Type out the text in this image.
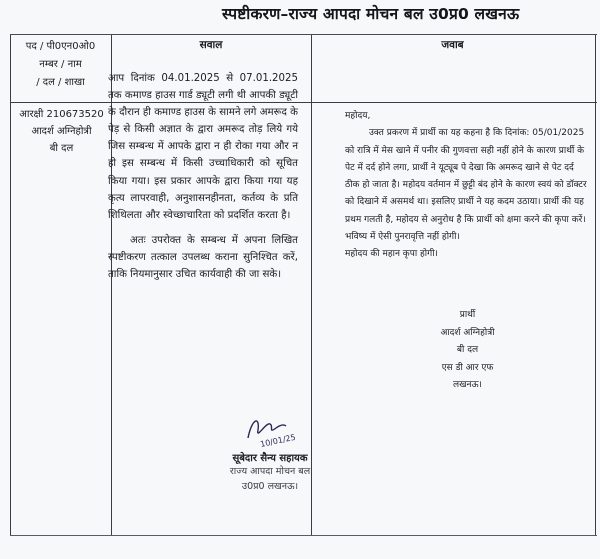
स्पष्टीकरण–राज्य आपदा मोचन बल उ0प्र0 लखनऊ
पद / पी0एन0ओ0
नम्बर / नाम
/ दल / शाखा
सवाल	जवाब
आरक्षी 210673520
आदर्श अग्निहोत्री
बी दल

आप दिनांक 04.01.2025 से 07.01.2025 तक कमाण्ड हाउस गार्ड ड्यूटी लगी थी आपकी ड्यूटी के दौरान ही कमाण्ड हाउस के सामने लगे अमरूद के पेड़ से किसी अज्ञात के द्वारा अमरूद तोड़ लिये गये जिस सम्बन्ध में आपके द्वारा न ही रोका गया और न ही इस सम्बन्ध में किसी उच्चाधिकारी को सूचित किया गया। इस प्रकार आपके द्वारा किया गया यह कृत्य लापरवाही, अनुशासनहीनता, कर्तव्य के प्रति शिथिलता और स्वेच्छाचारिता को प्रदर्शित करता है।

अतः उपरोक्त के सम्बन्ध में अपना लिखित स्पष्टीकरण तत्काल उपलब्ध कराना सुनिश्चित करें, ताकि नियमानुसार उचित कार्यवाही की जा सके।

10/01/25
सूबेदार सैन्य सहायक
राज्य आपदा मोचन बल
उ0प्र0 लखनऊ।

महोदय,

उक्त प्रकरण में प्रार्थी का यह कहना है कि दिनांक: 05/01/2025 को रात्रि में मेस खाने में पनीर की गुणवत्ता सही नहीं होने के कारण प्रार्थी के पेट में दर्द होने लगा, प्रार्थी ने यूट्यूब पे देखा कि अमरूद खाने से पेट दर्द ठीक हो जाता है। महोदय वर्तमान में छुट्टी बंद होने के कारण स्वयं को डॉक्टर को दिखाने में असमर्थ था। इसलिए प्रार्थी ने यह कदम उठाया। प्रार्थी की यह प्रथम गलती है, महोदय से अनुरोध है कि प्रार्थी को क्षमा करने की कृपा करें। भविष्य में ऐसी पुनरावृत्ति नहीं होगी।

महोदय की महान कृपा होगी।

प्रार्थी
आदर्श अग्निहोत्री
बी दल
एस डी आर एफ
लखनऊ।
